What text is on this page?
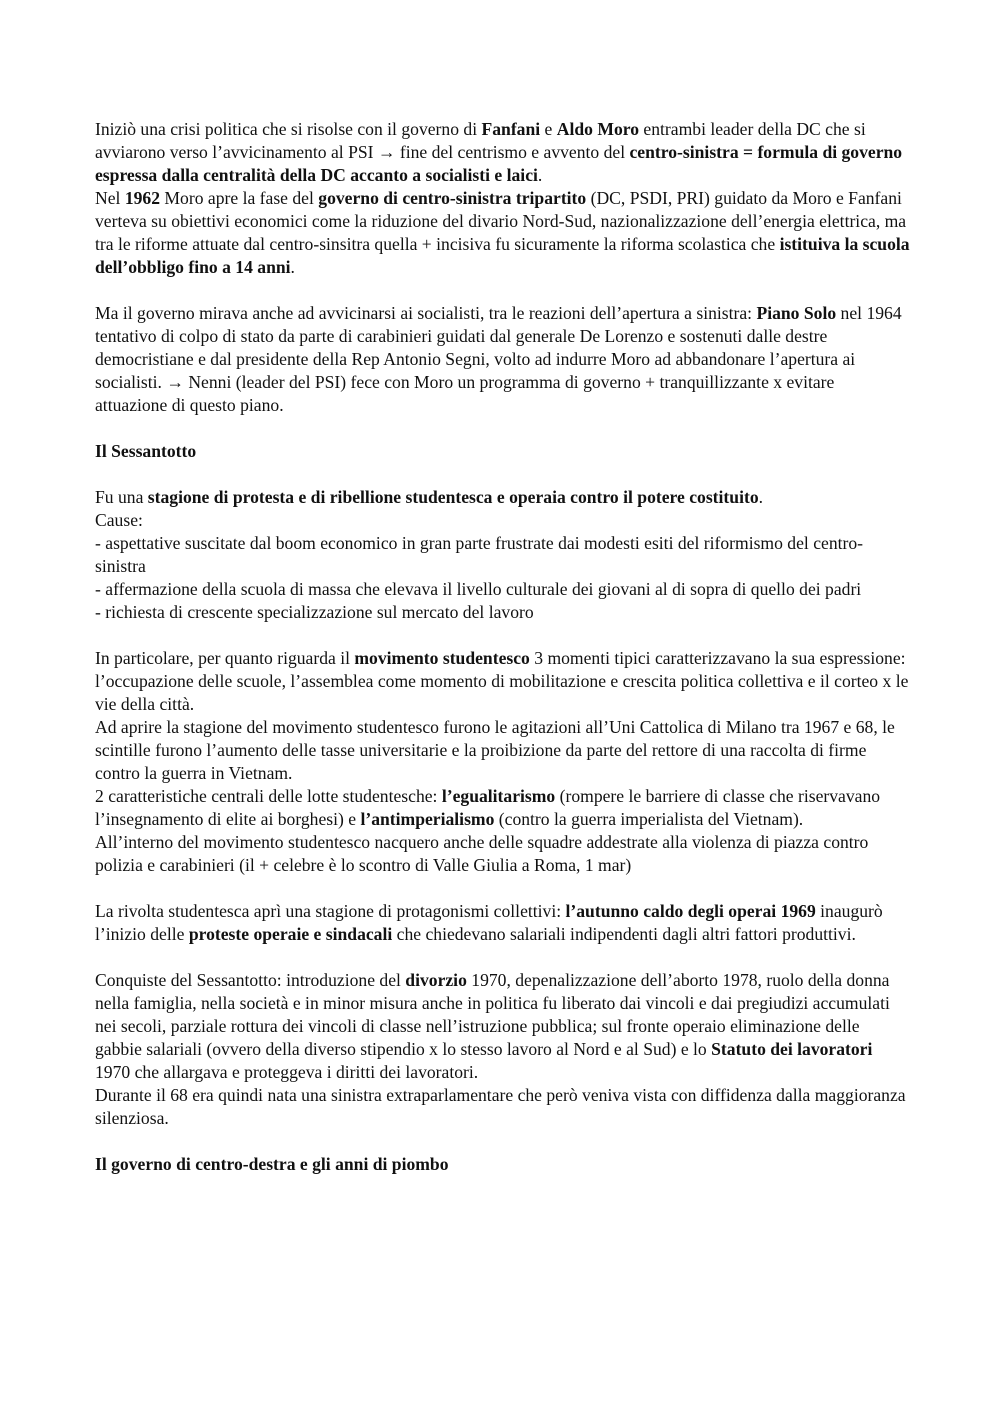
Iniziò una crisi politica che si risolse con il governo di Fanfani e Aldo Moro entrambi leader della DC che si avviarono verso l’avvicinamento al PSI → fine del centrismo e avvento del centro-sinistra = formula di governo espressa dalla centralità della DC accanto a socialisti e laici.
Nel 1962 Moro apre la fase del governo di centro-sinistra tripartito (DC, PSDI, PRI) guidato da Moro e Fanfani verteva su obiettivi economici come la riduzione del divario Nord-Sud, nazionalizzazione dell’energia elettrica, ma tra le riforme attuate dal centro-sinsitra quella + incisiva fu sicuramente la riforma scolastica che istituiva la scuola dell’obbligo fino a 14 anni.
Ma il governo mirava anche ad avvicinarsi ai socialisti, tra le reazioni dell’apertura a sinistra: Piano Solo nel 1964 tentativo di colpo di stato da parte di carabinieri guidati dal generale De Lorenzo e sostenuti dalle destre democristiane e dal presidente della Rep Antonio Segni, volto ad indurre Moro ad abbandonare l’apertura ai socialisti. → Nenni (leader del PSI) fece con Moro un programma di governo + tranquillizzante x evitare attuazione di questo piano.
Il Sessantotto
Fu una stagione di protesta e di ribellione studentesca e operaia contro il potere costituito.
Cause:
- aspettative suscitate dal boom economico in gran parte frustrate dai modesti esiti del riformismo del centro-sinistra
- affermazione della scuola di massa che elevava il livello culturale dei giovani al di sopra di quello dei padri
- richiesta di crescente specializzazione sul mercato del lavoro
In particolare, per quanto riguarda il movimento studentesco 3 momenti tipici caratterizzavano la sua espressione: l’occupazione delle scuole, l’assemblea come momento di mobilitazione e crescita politica collettiva e il corteo x le vie della città.
Ad aprire la stagione del movimento studentesco furono le agitazioni all’Uni Cattolica di Milano tra 1967 e 68, le scintille furono l’aumento delle tasse universitarie e la proibizione da parte del rettore di una raccolta di firme contro la guerra in Vietnam.
2 caratteristiche centrali delle lotte studentesche: l’egualitarismo (rompere le barriere di classe che riservavano l’insegnamento di elite ai borghesi) e l’antimperialismo (contro la guerra imperialista del Vietnam).
All’interno del movimento studentesco nacquero anche delle squadre addestrate alla violenza di piazza contro polizia e carabinieri (il + celebre è lo scontro di Valle Giulia a Roma, 1 mar)
La rivolta studentesca aprì una stagione di protagonismi collettivi: l’autunno caldo degli operai 1969 inaugurò l’inizio delle proteste operaie e sindacali che chiedevano salariali indipendenti dagli altri fattori produttivi.
Conquiste del Sessantotto: introduzione del divorzio 1970, depenalizzazione dell’aborto 1978, ruolo della donna nella famiglia, nella società e in minor misura anche in politica fu liberato dai vincoli e dai pregiudizi accumulati nei secoli, parziale rottura dei vincoli di classe nell’istruzione pubblica; sul fronte operaio eliminazione delle gabbie salariali (ovvero della diverso stipendio x lo stesso lavoro al Nord e al Sud) e lo Statuto dei lavoratori 1970 che allargava e proteggeva i diritti dei lavoratori.
Durante il 68 era quindi nata una sinistra extraparlamentare che però veniva vista con diffidenza dalla maggioranza silenziosa.
Il governo di centro-destra e gli anni di piombo
